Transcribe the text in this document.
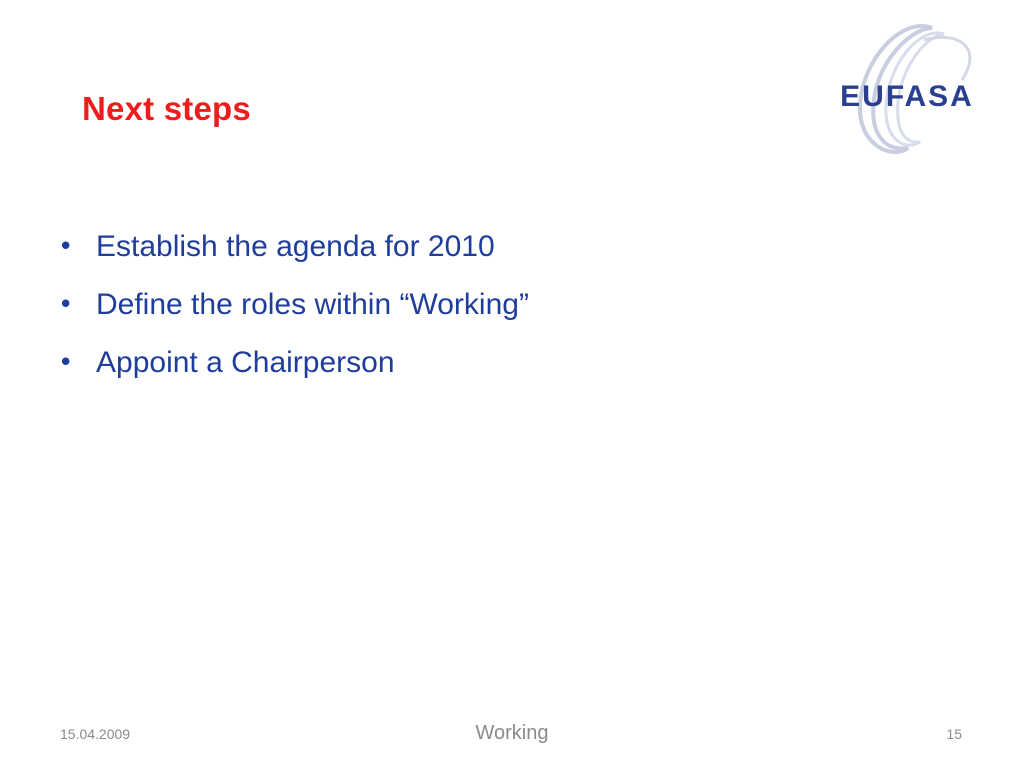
Next steps	EUFASA
• Establish the agenda for 2010
• Define the roles within “Working”
• Appoint a Chairperson
15.04.2009	Working	15
